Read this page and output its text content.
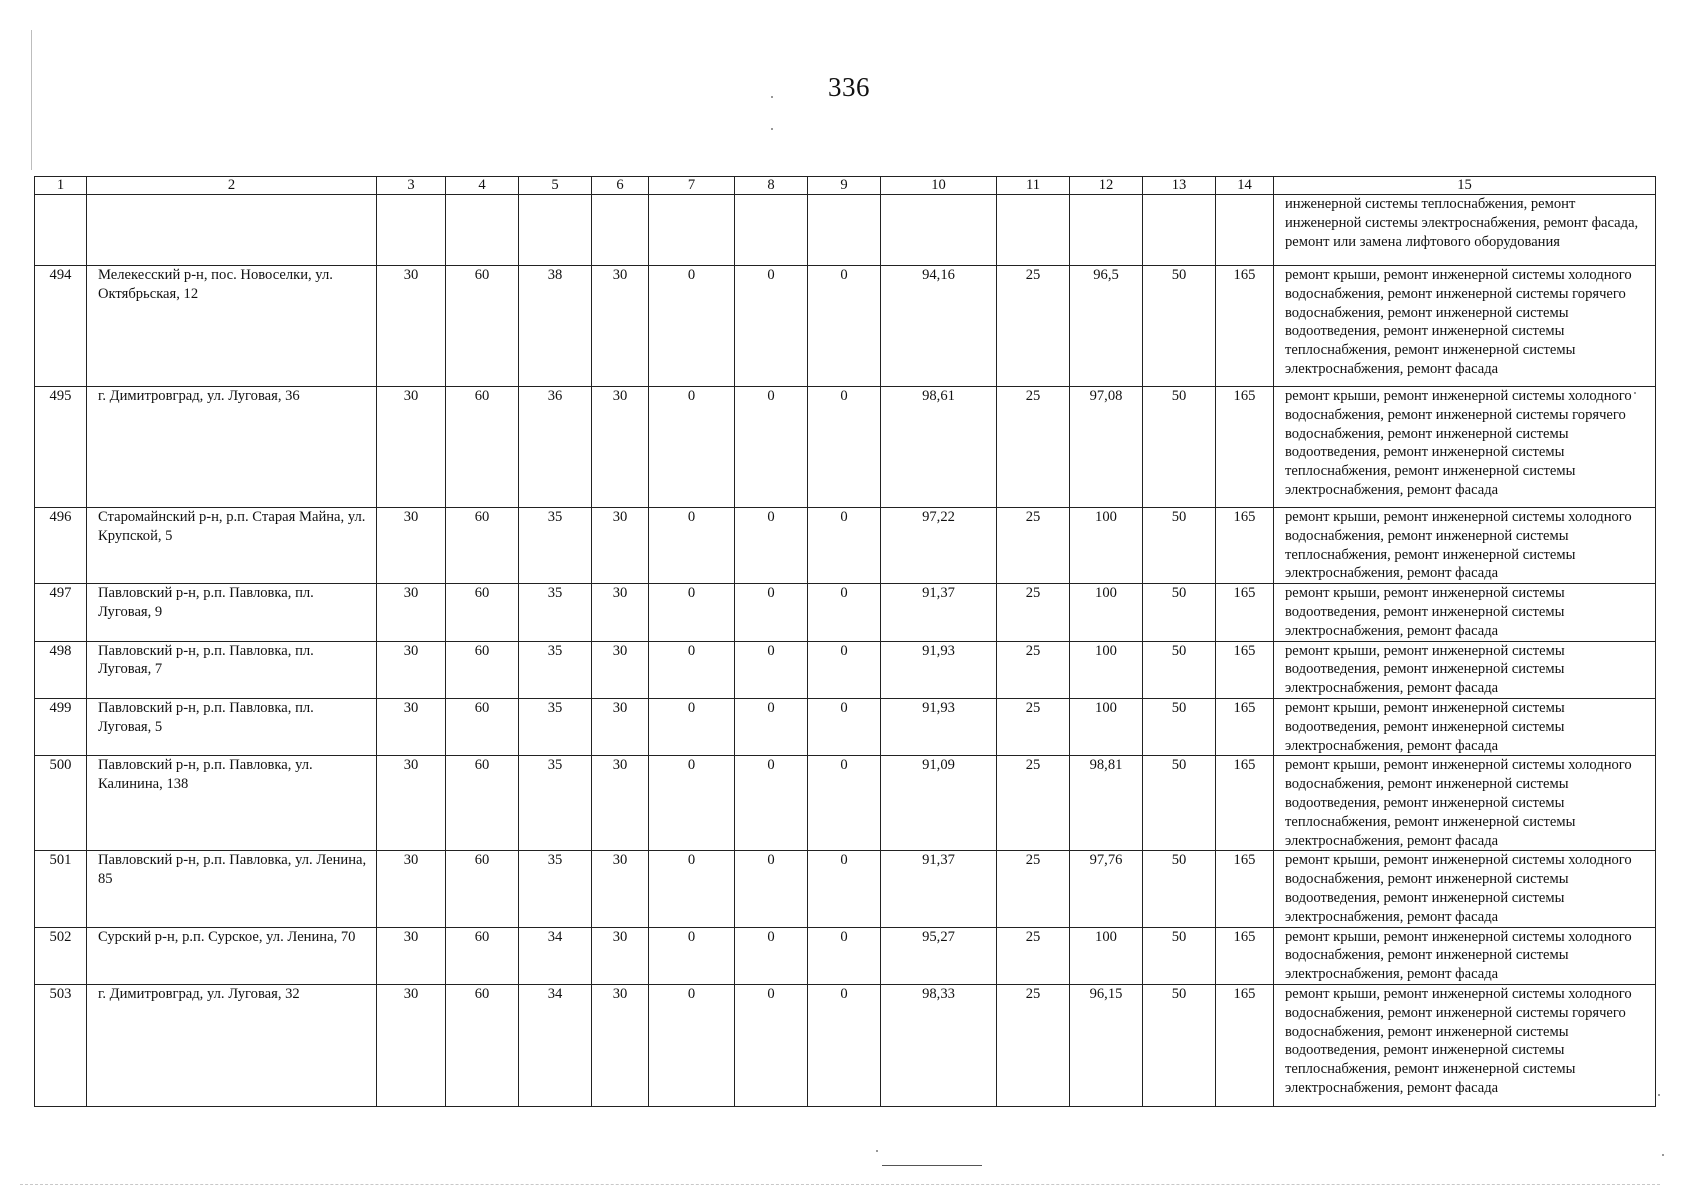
336
1	2	3	4	5	6	7	8	9	10	11	12	13	14	15
														инженерной системы теплоснабжения, ремонт инженерной системы электроснабжения, ремонт фасада, ремонт или замена лифтового оборудования
494	Мелекесский р-н, пос. Новоселки, ул. Октябрьская, 12	30	60	38	30	0	0	0	94,16	25	96,5	50	165	ремонт крыши, ремонт инженерной системы холодного водоснабжения, ремонт инженерной системы горячего водоснабжения, ремонт инженерной системы водоотведения, ремонт инженерной системы теплоснабжения, ремонт инженерной системы электроснабжения, ремонт фасада
495	г. Димитровград, ул. Луговая, 36	30	60	36	30	0	0	0	98,61	25	97,08	50	165	ремонт крыши, ремонт инженерной системы холодного водоснабжения, ремонт инженерной системы горячего водоснабжения, ремонт инженерной системы водоотведения, ремонт инженерной системы теплоснабжения, ремонт инженерной системы электроснабжения, ремонт фасада
496	Старомайнский р-н, р.п. Старая Майна, ул. Крупской, 5	30	60	35	30	0	0	0	97,22	25	100	50	165	ремонт крыши, ремонт инженерной системы холодного водоснабжения, ремонт инженерной системы теплоснабжения, ремонт инженерной системы электроснабжения, ремонт фасада
497	Павловский р-н, р.п. Павловка, пл. Луговая, 9	30	60	35	30	0	0	0	91,37	25	100	50	165	ремонт крыши, ремонт инженерной системы водоотведения, ремонт инженерной системы электроснабжения, ремонт фасада
498	Павловский р-н, р.п. Павловка, пл. Луговая, 7	30	60	35	30	0	0	0	91,93	25	100	50	165	ремонт крыши, ремонт инженерной системы водоотведения, ремонт инженерной системы электроснабжения, ремонт фасада
499	Павловский р-н, р.п. Павловка, пл. Луговая, 5	30	60	35	30	0	0	0	91,93	25	100	50	165	ремонт крыши, ремонт инженерной системы водоотведения, ремонт инженерной системы электроснабжения, ремонт фасада
500	Павловский р-н, р.п. Павловка, ул. Калинина, 138	30	60	35	30	0	0	0	91,09	25	98,81	50	165	ремонт крыши, ремонт инженерной системы холодного водоснабжения, ремонт инженерной системы водоотведения, ремонт инженерной системы теплоснабжения, ремонт инженерной системы электроснабжения, ремонт фасада
501	Павловский р-н, р.п. Павловка, ул. Ленина, 85	30	60	35	30	0	0	0	91,37	25	97,76	50	165	ремонт крыши, ремонт инженерной системы холодного водоснабжения, ремонт инженерной системы водоотведения, ремонт инженерной системы электроснабжения, ремонт фасада
502	Сурский р-н, р.п. Сурское, ул. Ленина, 70	30	60	34	30	0	0	0	95,27	25	100	50	165	ремонт крыши, ремонт инженерной системы холодного водоснабжения, ремонт инженерной системы электроснабжения, ремонт фасада
503	г. Димитровград, ул. Луговая, 32	30	60	34	30	0	0	0	98,33	25	96,15	50	165	ремонт крыши, ремонт инженерной системы холодного водоснабжения, ремонт инженерной системы горячего водоснабжения, ремонт инженерной системы водоотведения, ремонт инженерной системы теплоснабжения, ремонт инженерной системы электроснабжения, ремонт фасада
